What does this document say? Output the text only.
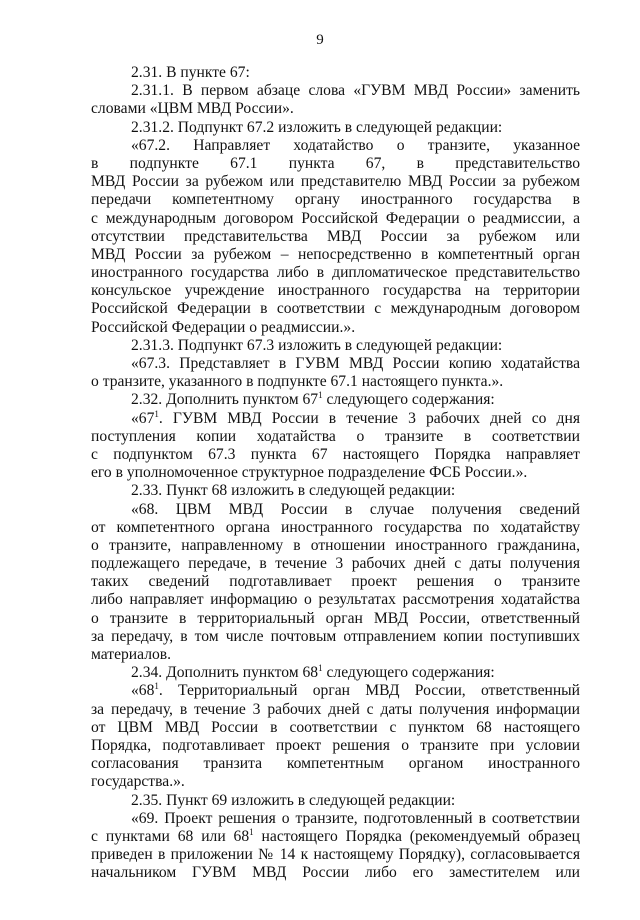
9
2.31. В пункте 67:
2.31.1. В первом абзаце слова «ГУВМ МВД России» заменить
словами «ЦВМ МВД России».
2.31.2. Подпункт 67.2 изложить в следующей редакции:
«67.2. Направляет ходатайство о транзите, указанное
в подпункте 67.1 пункта 67, в представительство
МВД России за рубежом или представителю МВД России за рубежом
передачи компетентному органу иностранного государства в
с международным договором Российской Федерации о реадмиссии, а
отсутствии представительства МВД России за рубежом или
МВД России за рубежом – непосредственно в компетентный орган
иностранного государства либо в дипломатическое представительство
консульское учреждение иностранного государства на территории
Российской Федерации в соответствии с международным договором
Российской Федерации о реадмиссии.».
2.31.3. Подпункт 67.3 изложить в следующей редакции:
«67.3. Представляет в ГУВМ МВД России копию ходатайства
о транзите, указанного в подпункте 67.1 настоящего пункта.».
2.32. Дополнить пунктом $67^1$ следующего содержания:
«$67^1$. ГУВМ МВД России в течение 3 рабочих дней со дня
поступления копии ходатайства о транзите в соответствии
с подпунктом 67.3 пункта 67 настоящего Порядка направляет
его в уполномоченное структурное подразделение ФСБ России.».
2.33. Пункт 68 изложить в следующей редакции:
«68. ЦВМ МВД России в случае получения сведений
от компетентного органа иностранного государства по ходатайству
о транзите, направленному в отношении иностранного гражданина,
подлежащего передаче, в течение 3 рабочих дней с даты получения
таких сведений подготавливает проект решения о транзите
либо направляет информацию о результатах рассмотрения ходатайства
о транзите в территориальный орган МВД России, ответственный
за передачу, в том числе почтовым отправлением копии поступивших
материалов.
2.34. Дополнить пунктом $68^1$ следующего содержания:
«$68^1$. Территориальный орган МВД России, ответственный
за передачу, в течение 3 рабочих дней с даты получения информации
от ЦВМ МВД России в соответствии с пунктом 68 настоящего
Порядка, подготавливает проект решения о транзите при условии
согласования транзита компетентным органом иностранного
государства.».
2.35. Пункт 69 изложить в следующей редакции:
«69. Проект решения о транзите, подготовленный в соответствии
с пунктами 68 или $68^1$ настоящего Порядка (рекомендуемый образец
приведен в приложении № 14 к настоящему Порядку), согласовывается
начальником ГУВМ МВД России либо его заместителем или
